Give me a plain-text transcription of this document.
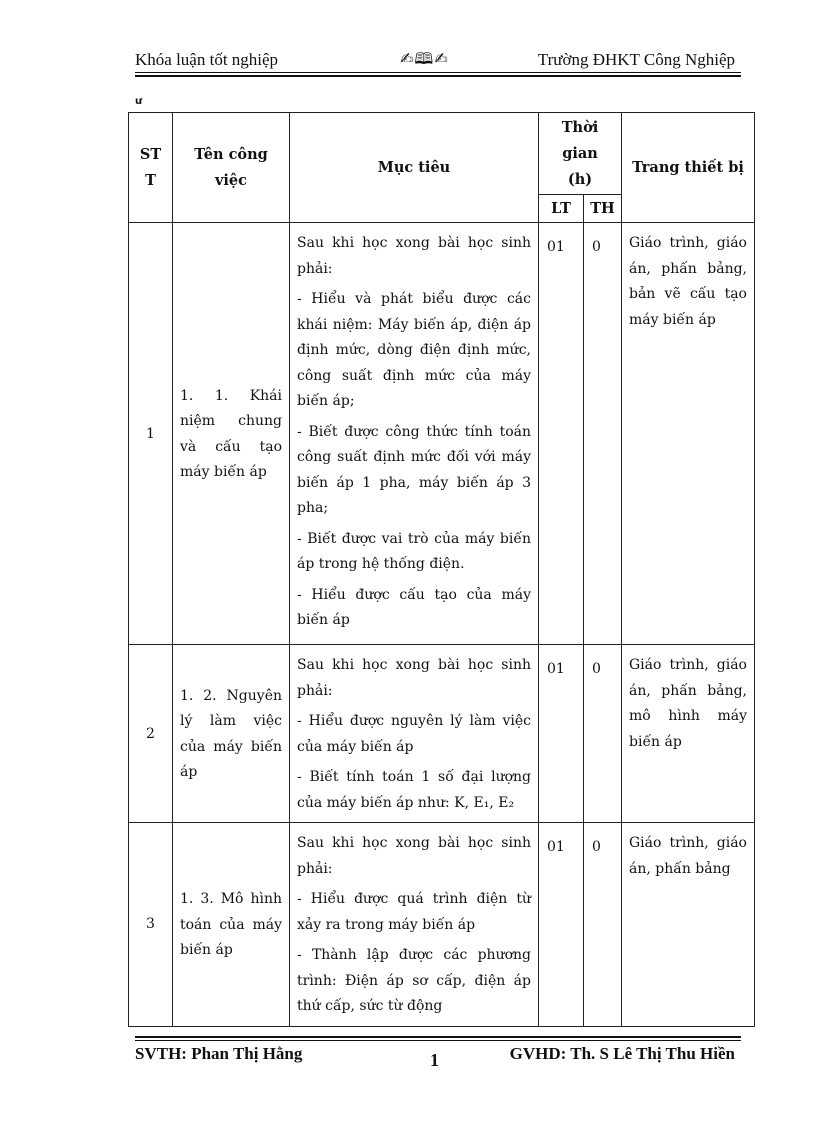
Khóa luận tốt nghiệp	✍🕮✍	Trường ĐHKT Công Nghiệp
ư
ST T	Tên công việc	Mục tiêu	Thời gian (h)		Trang thiết bị
			LT	TH	
1	1. 1. Khái niệm chung và cấu tạo máy biến áp	Sau khi học xong bài học sinh phải:

- Hiểu và phát biểu được các khái niệm: Máy biến áp, điện áp định mức, dòng điện định mức, công suất định mức của máy biến áp;

- Biết được công thức tính toán công suất định mức đối với máy biến áp 1 pha, máy biến áp 3 pha;

- Biết được vai trò của máy biến áp trong hệ thống điện.

- Hiểu được cấu tạo của máy biến áp	01	0	Giáo trình, giáo án, phấn bảng, bản vẽ cấu tạo máy biến áp

2	1. 2. Nguyên lý làm việc của máy biến áp	Sau khi học xong bài học sinh phải:

- Hiểu được nguyên lý làm việc của máy biến áp

- Biết tính toán 1 số đại lượng của máy biến áp như: K, E₁, E₂	01	0	Giáo trình, giáo án, phấn bảng, mô hình máy biến áp

3	1. 3. Mô hình toán của máy biến áp	Sau khi học xong bài học sinh phải:

- Hiểu được quá trình điện từ xảy ra trong máy biến áp

- Thành lập được các phương trình: Điện áp sơ cấp, điện áp thứ cấp, sức từ động	01	0	Giáo trình, giáo án, phấn bảng
SVTH: Phan Thị Hằng	1	GVHD: Th. S Lê Thị Thu Hiền
